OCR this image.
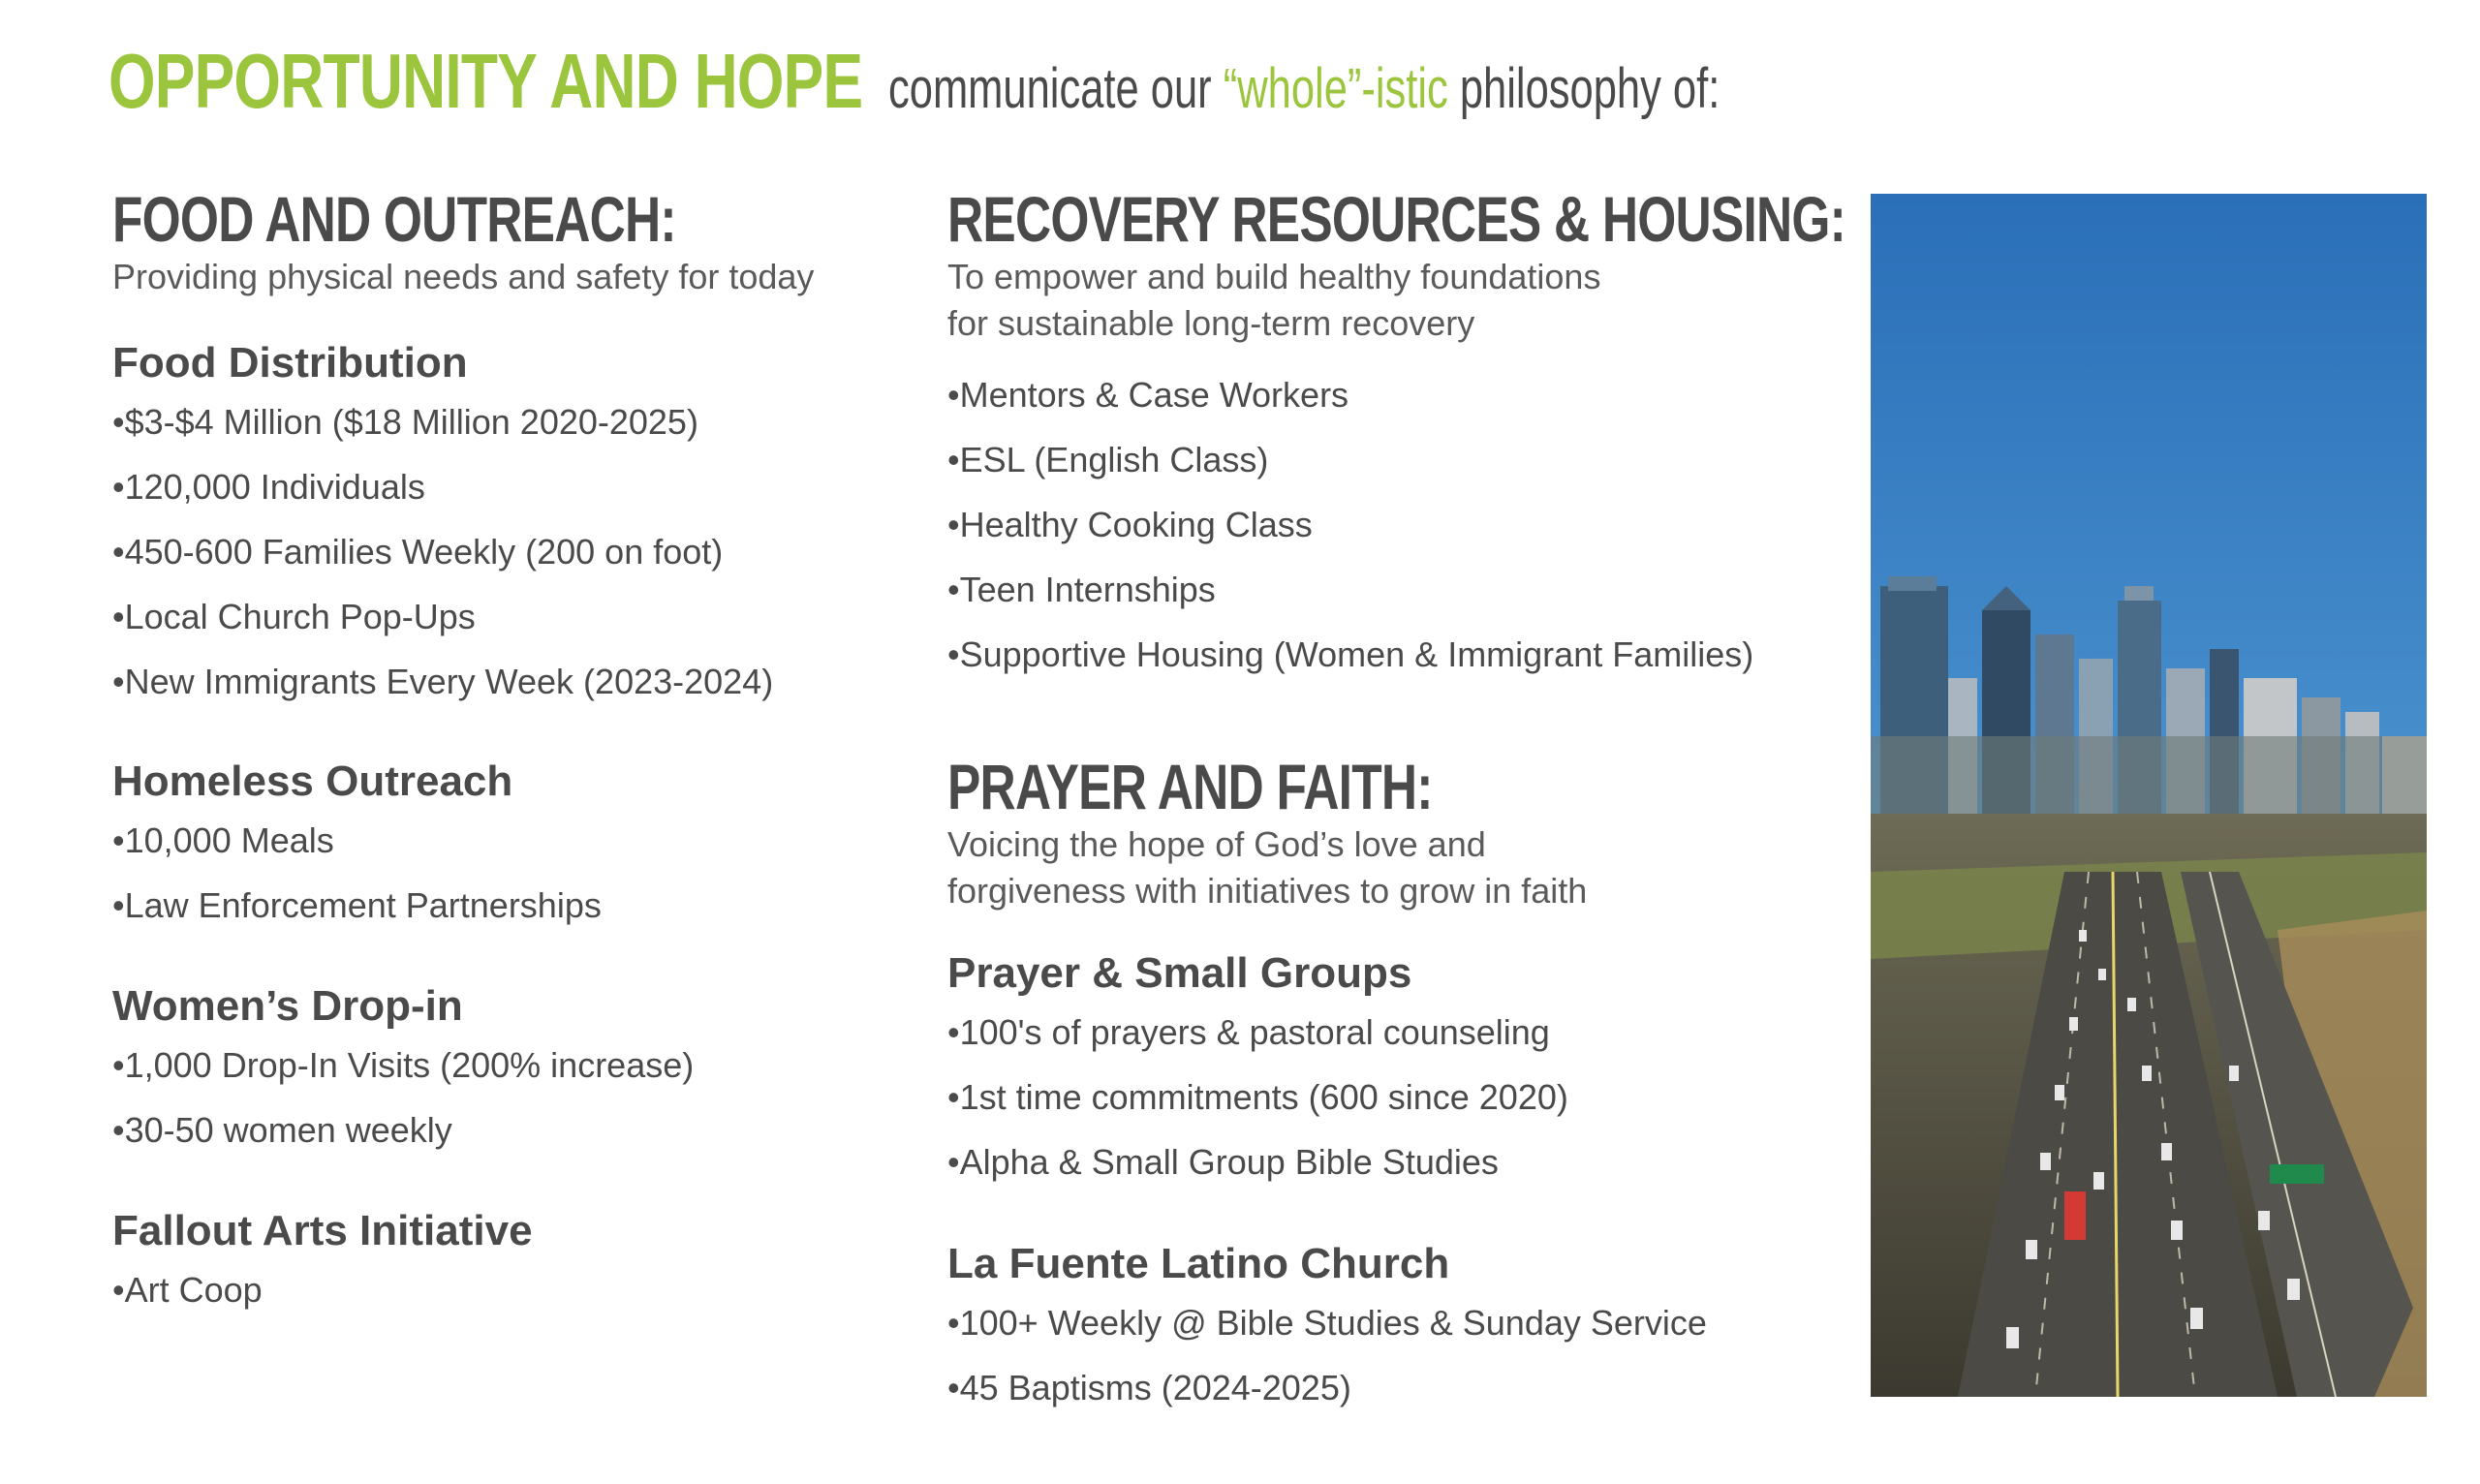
OPPORTUNITY AND HOPE communicate our “whole”-istic philosophy of:
FOOD AND OUTREACH:
Providing physical needs and safety for today
Food Distribution
• $3-$4 Million ($18 Million 2020-2025)
• 120,000 Individuals
• 450-600 Families Weekly (200 on foot)
• Local Church Pop-Ups
• New Immigrants Every Week (2023-2024)
Homeless Outreach
• 10,000 Meals
• Law Enforcement Partnerships
Women’s Drop-in
• 1,000 Drop-In Visits (200% increase)
• 30-50 women weekly
Fallout Arts Initiative
• Art Coop
RECOVERY RESOURCES & HOUSING:
To empower and build healthy foundations
for sustainable long-term recovery
• Mentors & Case Workers
• ESL (English Class)
• Healthy Cooking Class
• Teen Internships
• Supportive Housing (Women & Immigrant Families)
PRAYER AND FAITH:
Voicing the hope of God’s love and
forgiveness with initiatives to grow in faith
Prayer & Small Groups
• 100's of prayers & pastoral counseling
• 1st time commitments (600 since 2020)
• Alpha & Small Group Bible Studies
La Fuente Latino Church
• 100+ Weekly @ Bible Studies & Sunday Service
• 45 Baptisms (2024-2025)
